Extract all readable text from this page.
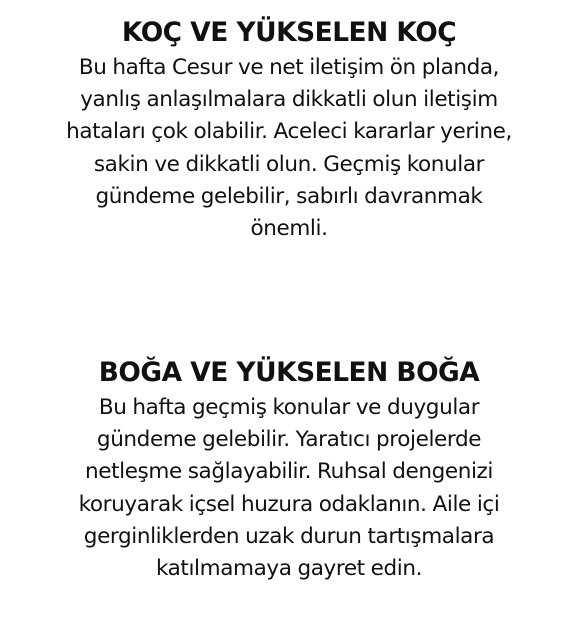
KOÇ VE YÜKSELEN KOÇ

Bu hafta Cesur ve net iletişim ön planda,
yanlış anlaşılmalara dikkatli olun iletişim
hataları çok olabilir. Aceleci kararlar yerine,
sakin ve dikkatli olun. Geçmiş konular
gündeme gelebilir, sabırlı davranmak
önemli.

BOĞA VE YÜKSELEN BOĞA

Bu hafta geçmiş konular ve duygular
gündeme gelebilir. Yaratıcı projelerde
netleşme sağlayabilir. Ruhsal dengenizi
koruyarak içsel huzura odaklanın. Aile içi
gerginliklerden uzak durun tartışmalara
katılmamaya gayret edin.
